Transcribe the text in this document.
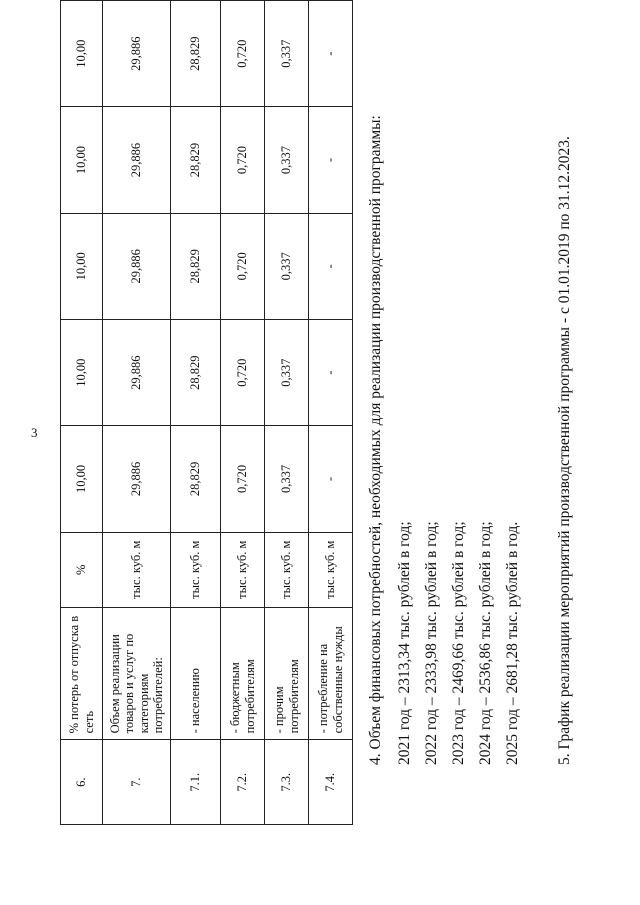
3
6.	% потерь от отпуска в сеть	%	10,00	10,00	10,00	10,00	10,00
7.	Объем реализации товаров и услуг по категориям потребителей:	тыс. куб. м	29,886	29,886	29,886	29,886	29,886
7.1.	- населению	тыс. куб. м	28,829	28,829	28,829	28,829	28,829
7.2.	- бюджетным потребителям	тыс. куб. м	0,720	0,720	0,720	0,720	0,720
7.3.	- прочим потребителям	тыс. куб. м	0,337	0,337	0,337	0,337	0,337
7.4.	- потребление на собственные нужды	тыс. куб. м	-	-	-	-	-
4. Объем финансовых потребностей, необходимых для реализации производственной программы: 2021 год – 2313,34 тыс. рублей в год; 2022 год – 2333,98 тыс. рублей в год; 2023 год – 2469,66 тыс. рублей в год; 2024 год – 2536,86 тыс. рублей в год; 2025 год – 2681,28 тыс. рублей в год. 5. График реализации мероприятий производственной программы - с 01.01.2019 по 31.12.2023.
